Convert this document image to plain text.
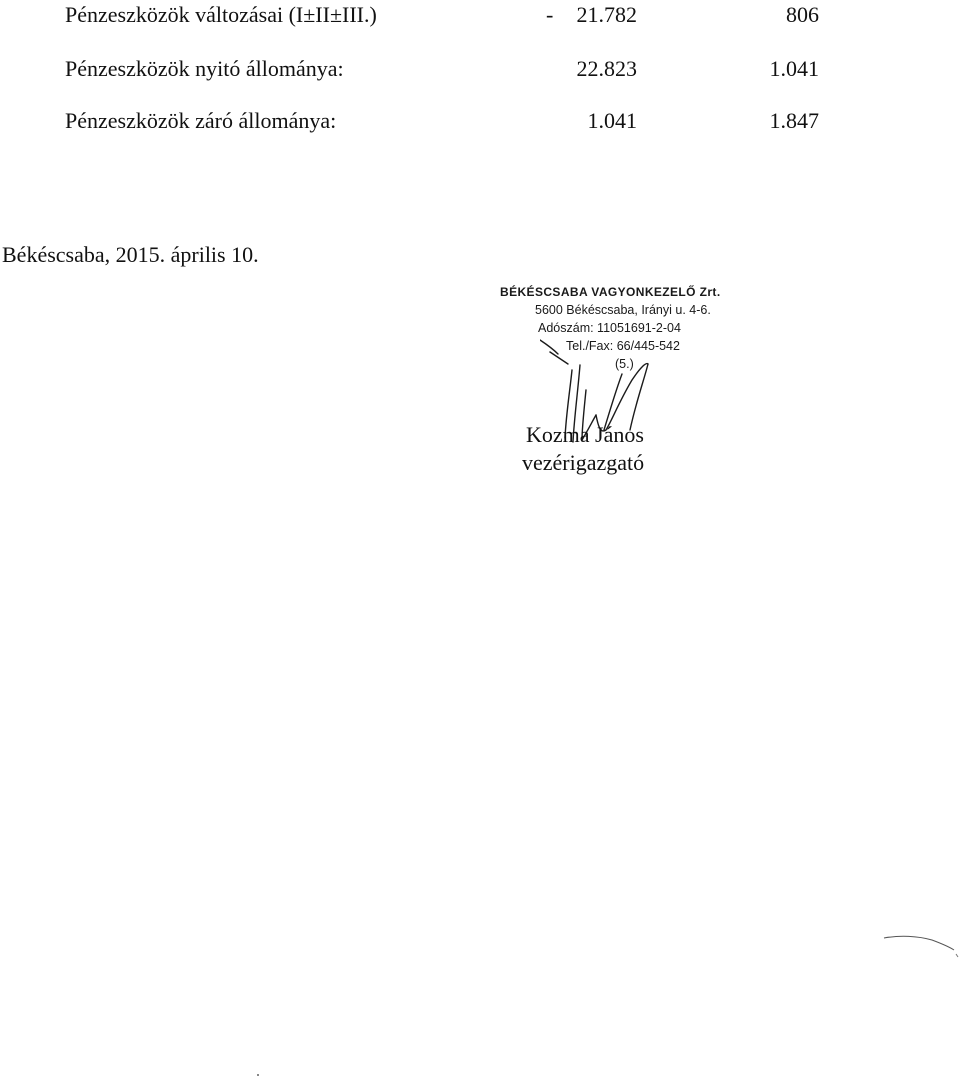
Pénzeszközök változásai (I±II±III.)	- 21.782	806
Pénzeszközök nyitó állománya:	22.823	1.041
Pénzeszközök záró állománya:	1.041	1.847
Békéscsaba, 2015. április 10.
BÉKÉSCSABA VAGYONKEZELŐ Zrt.
5600 Békéscsaba, Irányi u. 4-6.
Adószám: 11051691-2-04
Tel./Fax: 66/445-542
(5.)
Kozma János
vezérigazgató
